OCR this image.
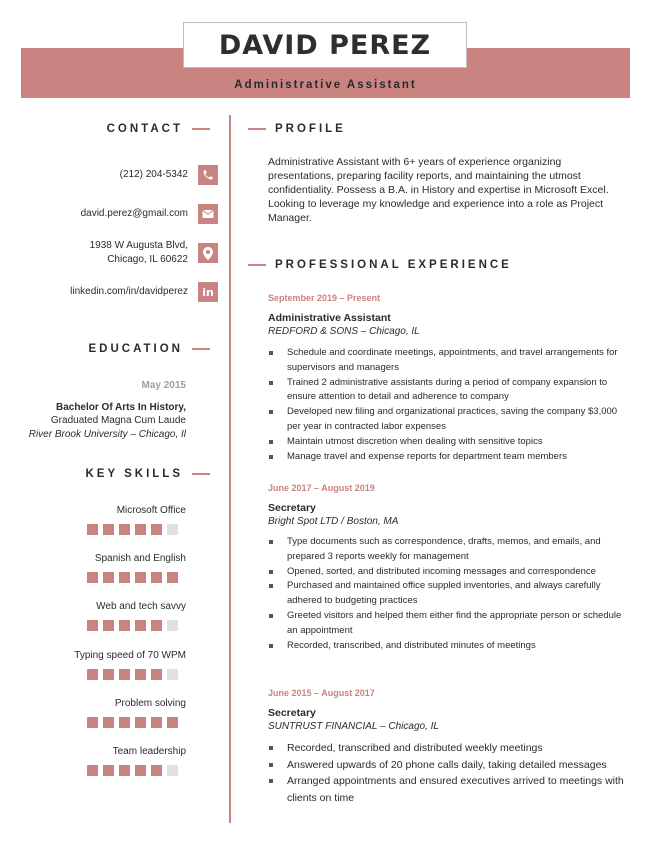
DAVID PEREZ
Administrative Assistant
CONTACT
(212) 204-5342
david.perez@gmail.com
1938 W Augusta Blvd,
Chicago, IL 60622
linkedin.com/in/davidperez in
EDUCATION
May 2015
Bachelor Of Arts In History,
Graduated Magna Cum Laude
River Brook University – Chicago, Il
KEY SKILLS
Microsoft Office
Spanish and English
Web and tech savvy
Typing speed of 70 WPM
Problem solving
Team leadership
PROFILE
Administrative Assistant with 6+ years of experience organizing presentations, preparing facility reports, and maintaining the utmost confidentiality. Possess a B.A. in History and expertise in Microsoft Excel. Looking to leverage my knowledge and experience into a role as Project Manager.
PROFESSIONAL EXPERIENCE
September 2019 – Present
Administrative Assistant
REDFORD & SONS – Chicago, IL
Schedule and coordinate meetings, appointments, and travel arrangements for supervisors and managers
Trained 2 administrative assistants during a period of company expansion to ensure attention to detail and adherence to company
Developed new filing and organizational practices, saving the company $3,000 per year in contracted labor expenses
Maintain utmost discretion when dealing with sensitive topics
Manage travel and expense reports for department team members
June 2017 – August 2019
Secretary
Bright Spot LTD / Boston, MA
Type documents such as correspondence, drafts, memos, and emails, and prepared 3 reports weekly for management
Opened, sorted, and distributed incoming messages and correspondence
Purchased and maintained office suppled inventories, and always carefully adhered to budgeting practices
Greeted visitors and helped them either find the appropriate person or schedule an appointment
Recorded, transcribed, and distributed minutes of meetings
June 2015 – August 2017
Secretary
SUNTRUST FINANCIAL – Chicago, IL
Recorded, transcribed and distributed weekly meetings
Answered upwards of 20 phone calls daily, taking detailed messages
Arranged appointments and ensured executives arrived to meetings with clients on time
